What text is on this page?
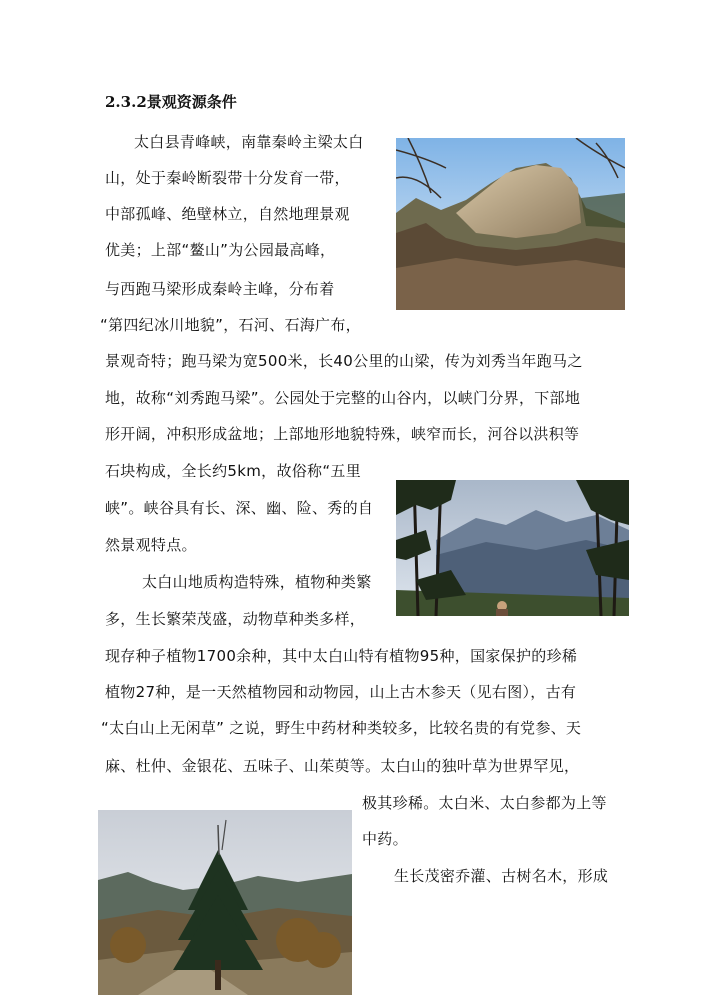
2.3.2景观资源条件
太白县青峰峡，南靠秦岭主梁太白
山，处于秦岭断裂带十分发育一带，
中部孤峰、绝壁林立，自然地理景观
优美；上部“鳌山”为公园最高峰，
与西跑马梁形成秦岭主峰，分布着
“第四纪冰川地貌”，石河、石海广布，
景观奇特；跑马梁为宽500米，长40公里的山梁，传为刘秀当年跑马之
地，故称“刘秀跑马梁”。公园处于完整的山谷内，以峡门分界，下部地
形开阔，冲积形成盆地；上部地形地貌特殊，峡窄而长，河谷以洪积等
石块构成，全长约5km，故俗称“五里
峡”。峡谷具有长、深、幽、险、秀的自
然景观特点。
太白山地质构造特殊，植物种类繁
多，生长繁荣茂盛，动物草种类多样，
现存种子植物1700余种，其中太白山特有植物95种，国家保护的珍稀
植物27种，是一天然植物园和动物园，山上古木参天（见右图），古有
“太白山上无闲草” 之说，野生中药材种类较多，比较名贵的有党参、天
麻、杜仲、金银花、五味子、山茱萸等。太白山的独叶草为世界罕见，
极其珍稀。太白米、太白参都为上等
中药。
生长茂密乔灌、古树名木，形成
